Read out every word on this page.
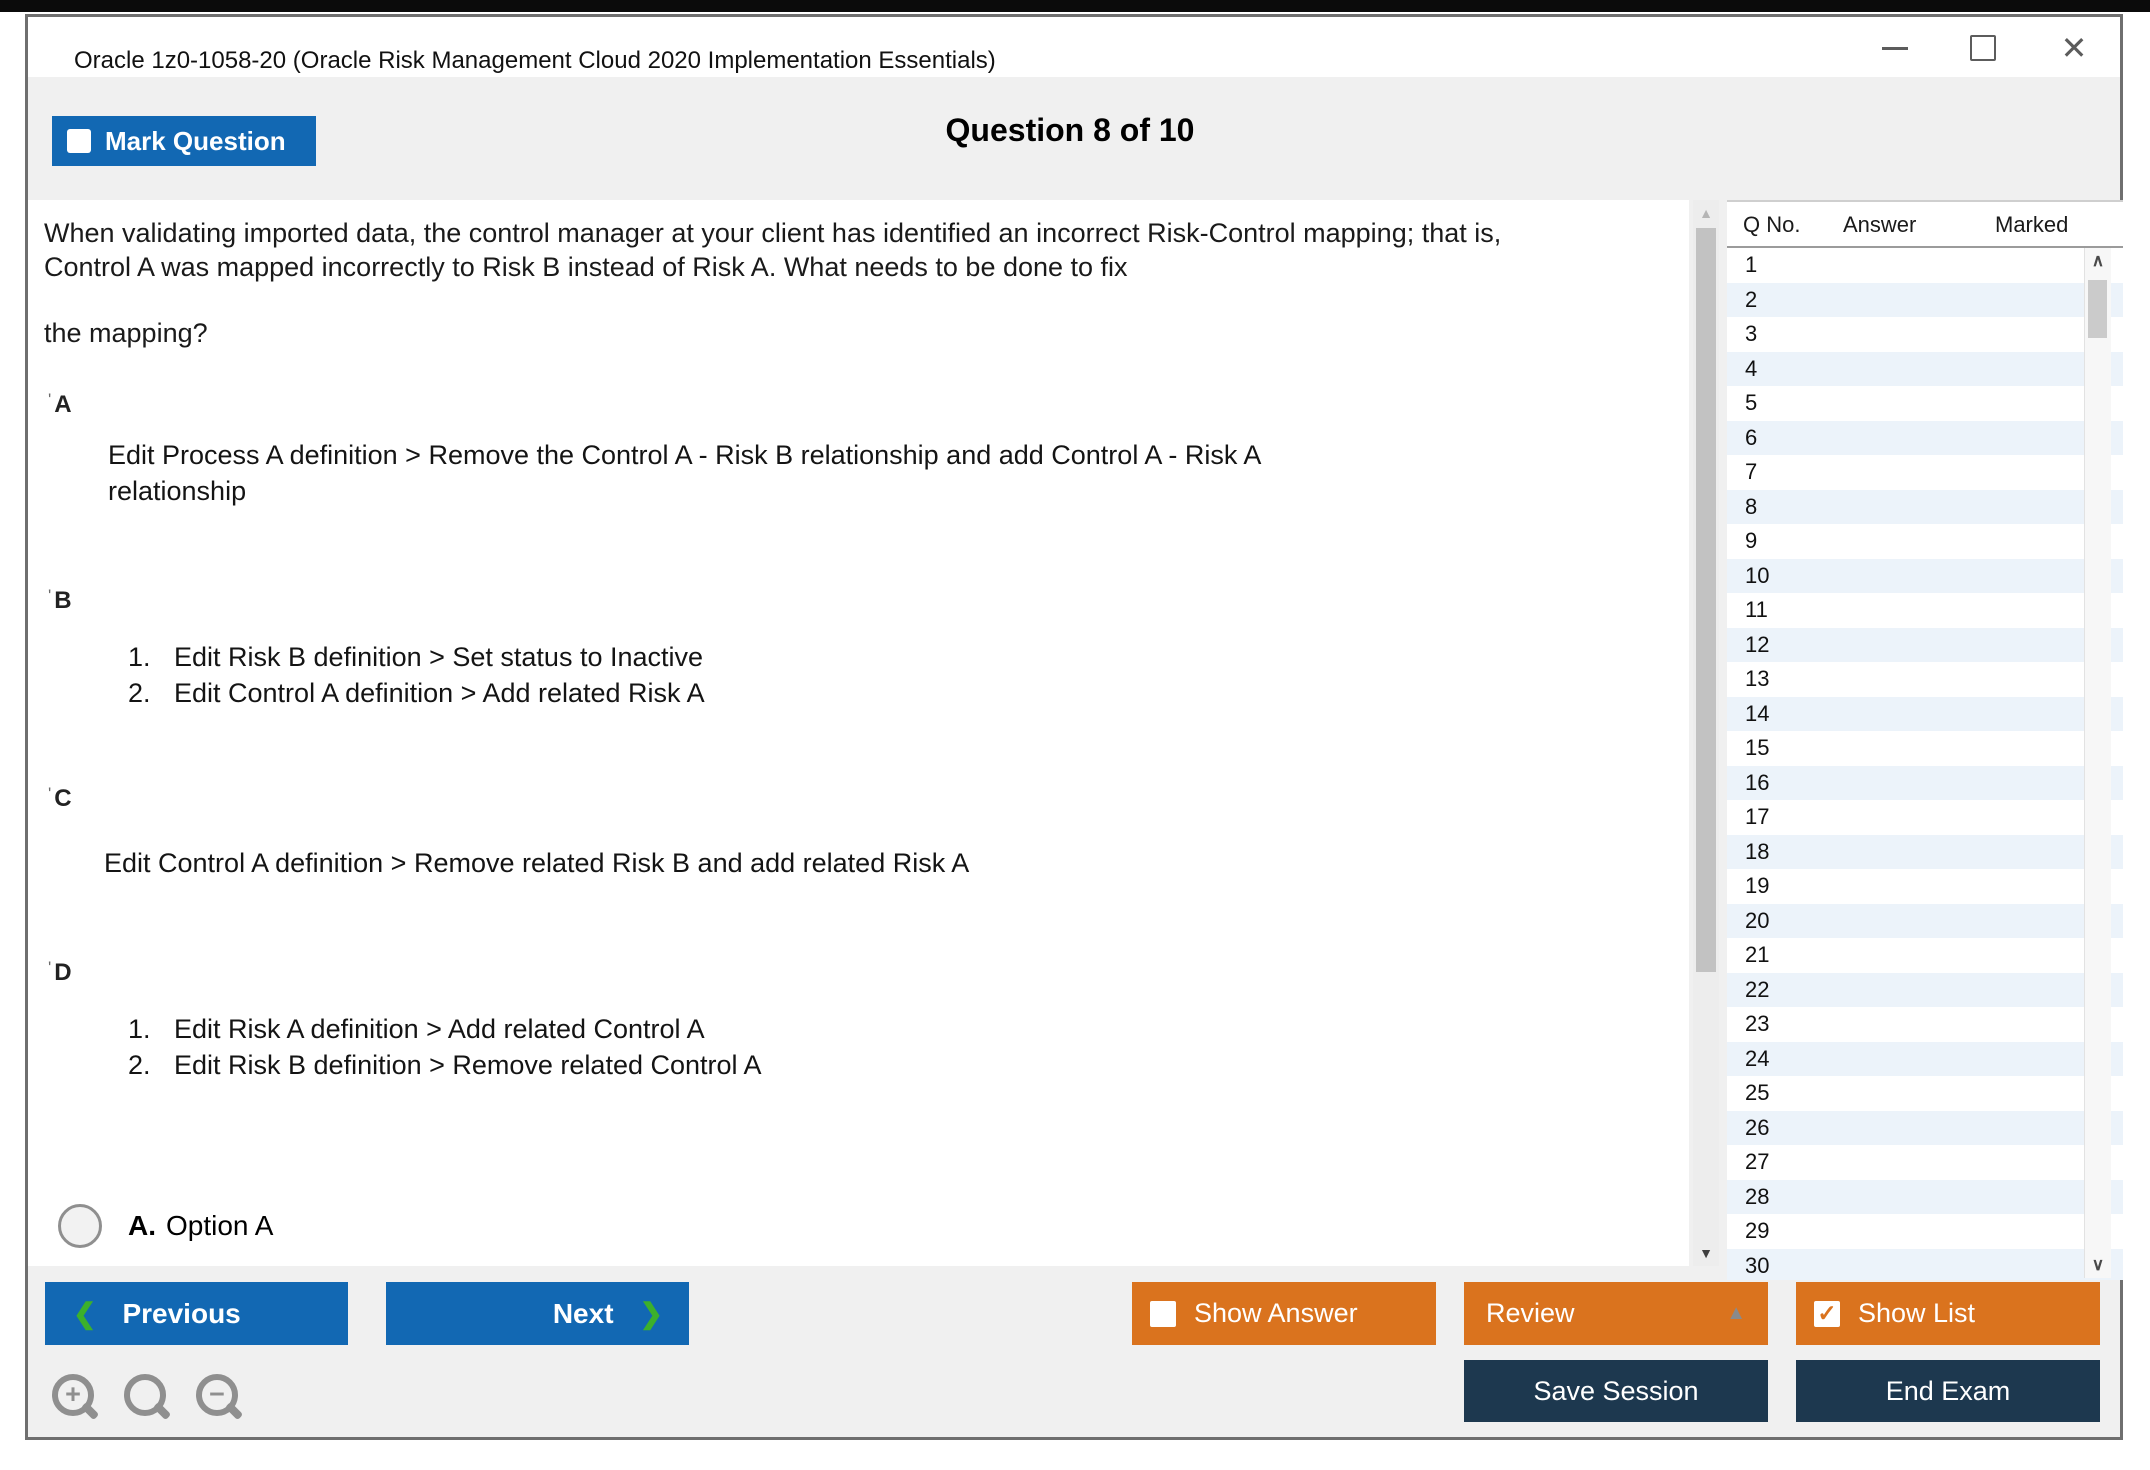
Oracle 1z0-1058-20 (Oracle Risk Management Cloud 2020 Implementation Essentials)	✕
Mark Question	Question 8 of 10
When validating imported data, the control manager at your client has identified an incorrect Risk-Control mapping; that is,
Control A was mapped incorrectly to Risk B instead of Risk A. What needs to be done to fix
the mapping?
' A
Edit Process A definition > Remove the Control A - Risk B relationship and add Control A - Risk A
relationship
' B
1. Edit Risk B definition > Set status to Inactive
2. Edit Control A definition > Add related Risk A
' C
Edit Control A definition > Remove related Risk B and add related Risk A
' D
1. Edit Risk A definition > Add related Control A
2. Edit Risk B definition > Remove related Control A
A. Option A
▲
▼
Q No. Answer	Marked
1
2
3
4
5
6
7
8
9
10
11
12
13
14
15
16
17
18
19
20
21
22
23
24
25
26
27
28
29
30
∧
∨
❮ Previous	Next ❯	Show Answer	Review	▲	✓ Show List
Save Session	End Exam
+	−
